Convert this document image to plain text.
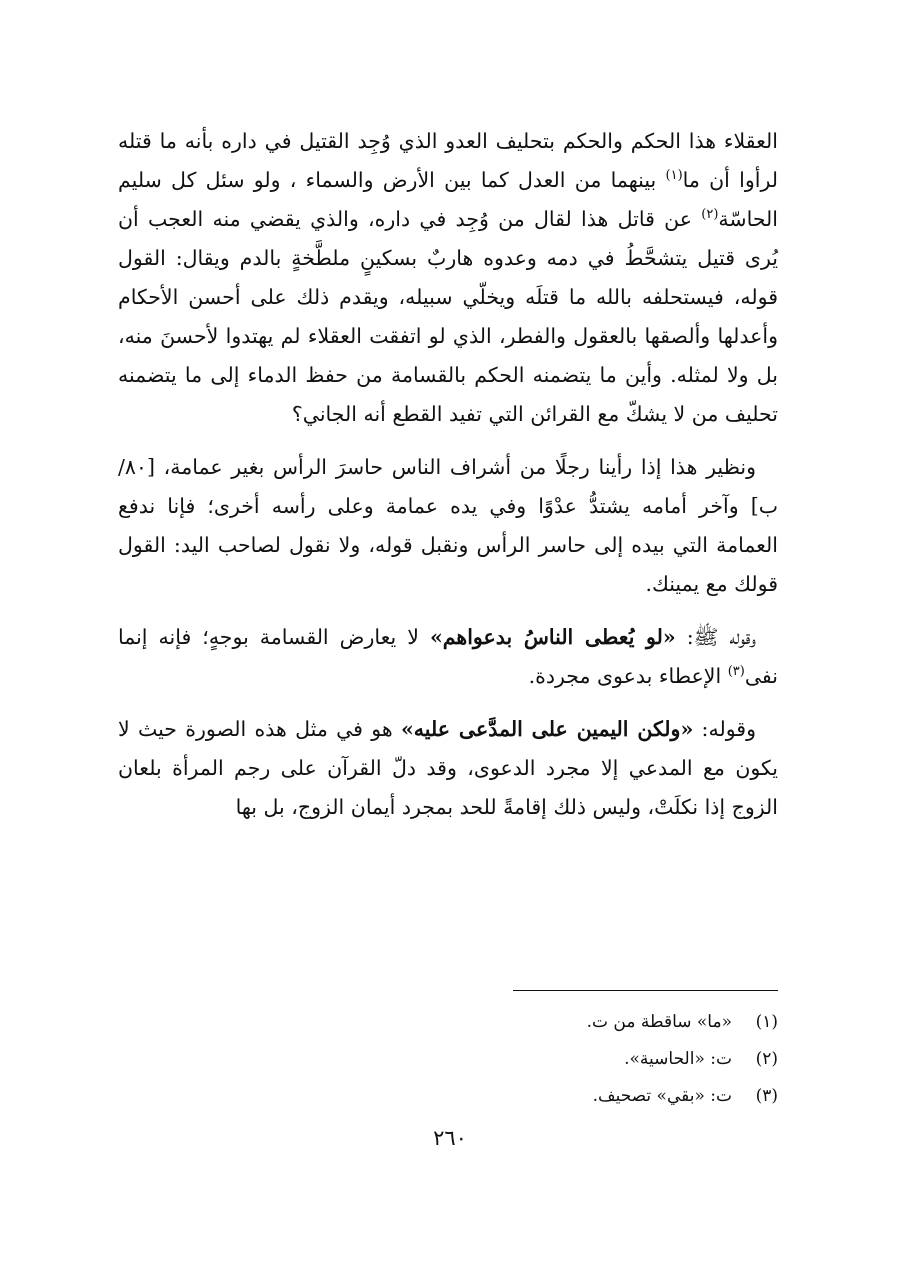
العقلاء هذا الحكم والحكم بتحليف العدو الذي وُجِد القتيل في داره بأنه ما قتله لرأوا أن ما$^{(١)}$ بينهما من العدل كما بين الأرض والسماء ، ولو سئل كل سليم الحاسّة$^{(٢)}$ عن قاتل هذا لقال من وُجِد في داره، والذي يقضي منه العجب أن يُرى قتيل يتشحَّطُ في دمه وعدوه هاربٌ بسكينٍ ملطَّخةٍ بالدم ويقال: القول قوله، فيستحلفه بالله ما قتلَه ويخلّي سبيله، ويقدم ذلك على أحسن الأحكام وأعدلها وألصقها بالعقول والفطر، الذي لو اتفقت العقلاء لم يهتدوا لأحسنَ منه، بل ولا لمثله. وأين ما يتضمنه الحكم بالقسامة من حفظ الدماء إلى ما يتضمنه تحليف من لا يشكّ مع القرائن التي تفيد القطع أنه الجاني؟

ونظير هذا إذا رأينا رجلًا من أشراف الناس حاسرَ الرأس بغير عمامة، [٨٠/ ب] وآخر أمامه يشتدُّ عدْوًا وفي يده عمامة وعلى رأسه أخرى؛ فإنا ندفع العمامة التي بيده إلى حاسر الرأس ونقبل قوله، ولا نقول لصاحب اليد: القول قولك مع يمينك.

وقوله ﷺ: «لو يُعطى الناسُ بدعواهم» لا يعارض القسامة بوجهٍ؛ فإنه إنما نفى$^{(٣)}$ الإعطاء بدعوى مجردة.

وقوله: «ولكن اليمين على المدَّعى عليه» هو في مثل هذه الصورة حيث لا يكون مع المدعي إلا مجرد الدعوى، وقد دلّ القرآن على رجم المرأة بلعان الزوج إذا نكلَتْ، وليس ذلك إقامةً للحد بمجرد أيمان الزوج، بل بها

(١)
«ما» ساقطة من ت.
(٢)
ت: «الحاسية».
(٣)
ت: «بقي» تصحيف.
٢٦٠
